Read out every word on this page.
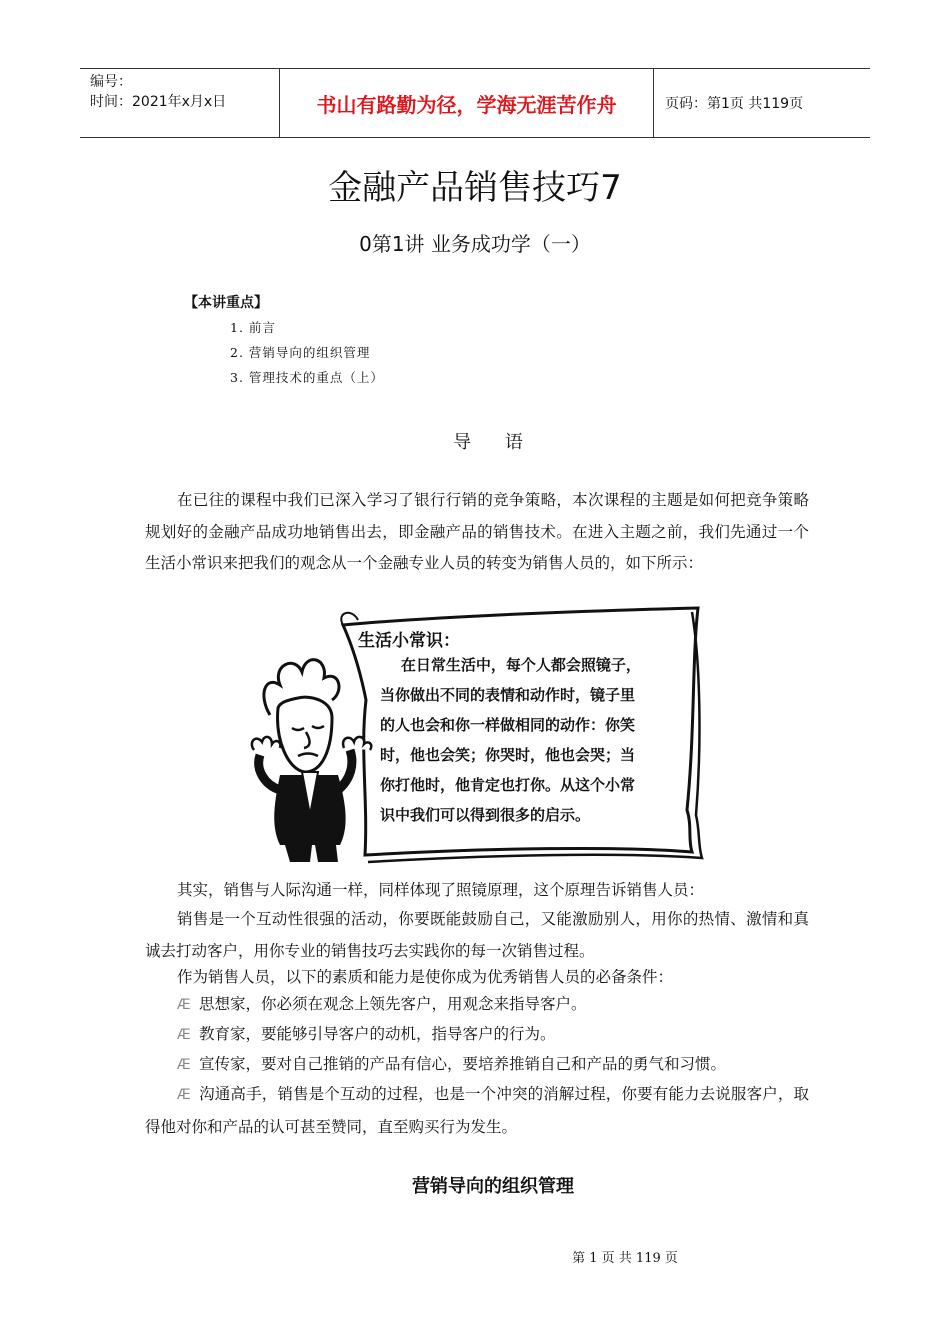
编号：
时间：2021年x月x日	书山有路勤为径，学海无涯苦作舟	页码：第1页 共119页
金融产品销售技巧7
0第1讲 业务成功学（一）
【本讲重点】
1. 前言
2. 营销导向的组织管理
3. 管理技术的重点（上）
导 语
在已往的课程中我们已深入学习了银行行销的竞争策略，本次课程的主题是如何把竞争策略规划好的金融产品成功地销售出去，即金融产品的销售技术。在进入主题之前，我们先通过一个生活小常识来把我们的观念从一个金融专业人员的转变为销售人员的，如下所示：
生活小常识：
在日常生活中，每个人都会照镜子，
当你做出不同的表情和动作时，镜子里
的人也会和你一样做相同的动作：你笑
时，他也会笑；你哭时，他也会哭；当
你打他时，他肯定也打你。从这个小常
识中我们可以得到很多的启示。
其实，销售与人际沟通一样，同样体现了照镜原理，这个原理告诉销售人员：
销售是一个互动性很强的活动，你要既能鼓励自己，又能激励别人，用你的热情、激情和真诚去打动客户，用你专业的销售技巧去实践你的每一次销售过程。
作为销售人员，以下的素质和能力是使你成为优秀销售人员的必备条件：
Æ 思想家，你必须在观念上领先客户，用观念来指导客户。
Æ 教育家，要能够引导客户的动机，指导客户的行为。
Æ 宣传家，要对自己推销的产品有信心，要培养推销自己和产品的勇气和习惯。
Æ 沟通高手，销售是个互动的过程，也是一个冲突的消解过程，你要有能力去说服客户，取得他对你和产品的认可甚至赞同，直至购买行为发生。
营销导向的组织管理
第 1 页 共 119 页
